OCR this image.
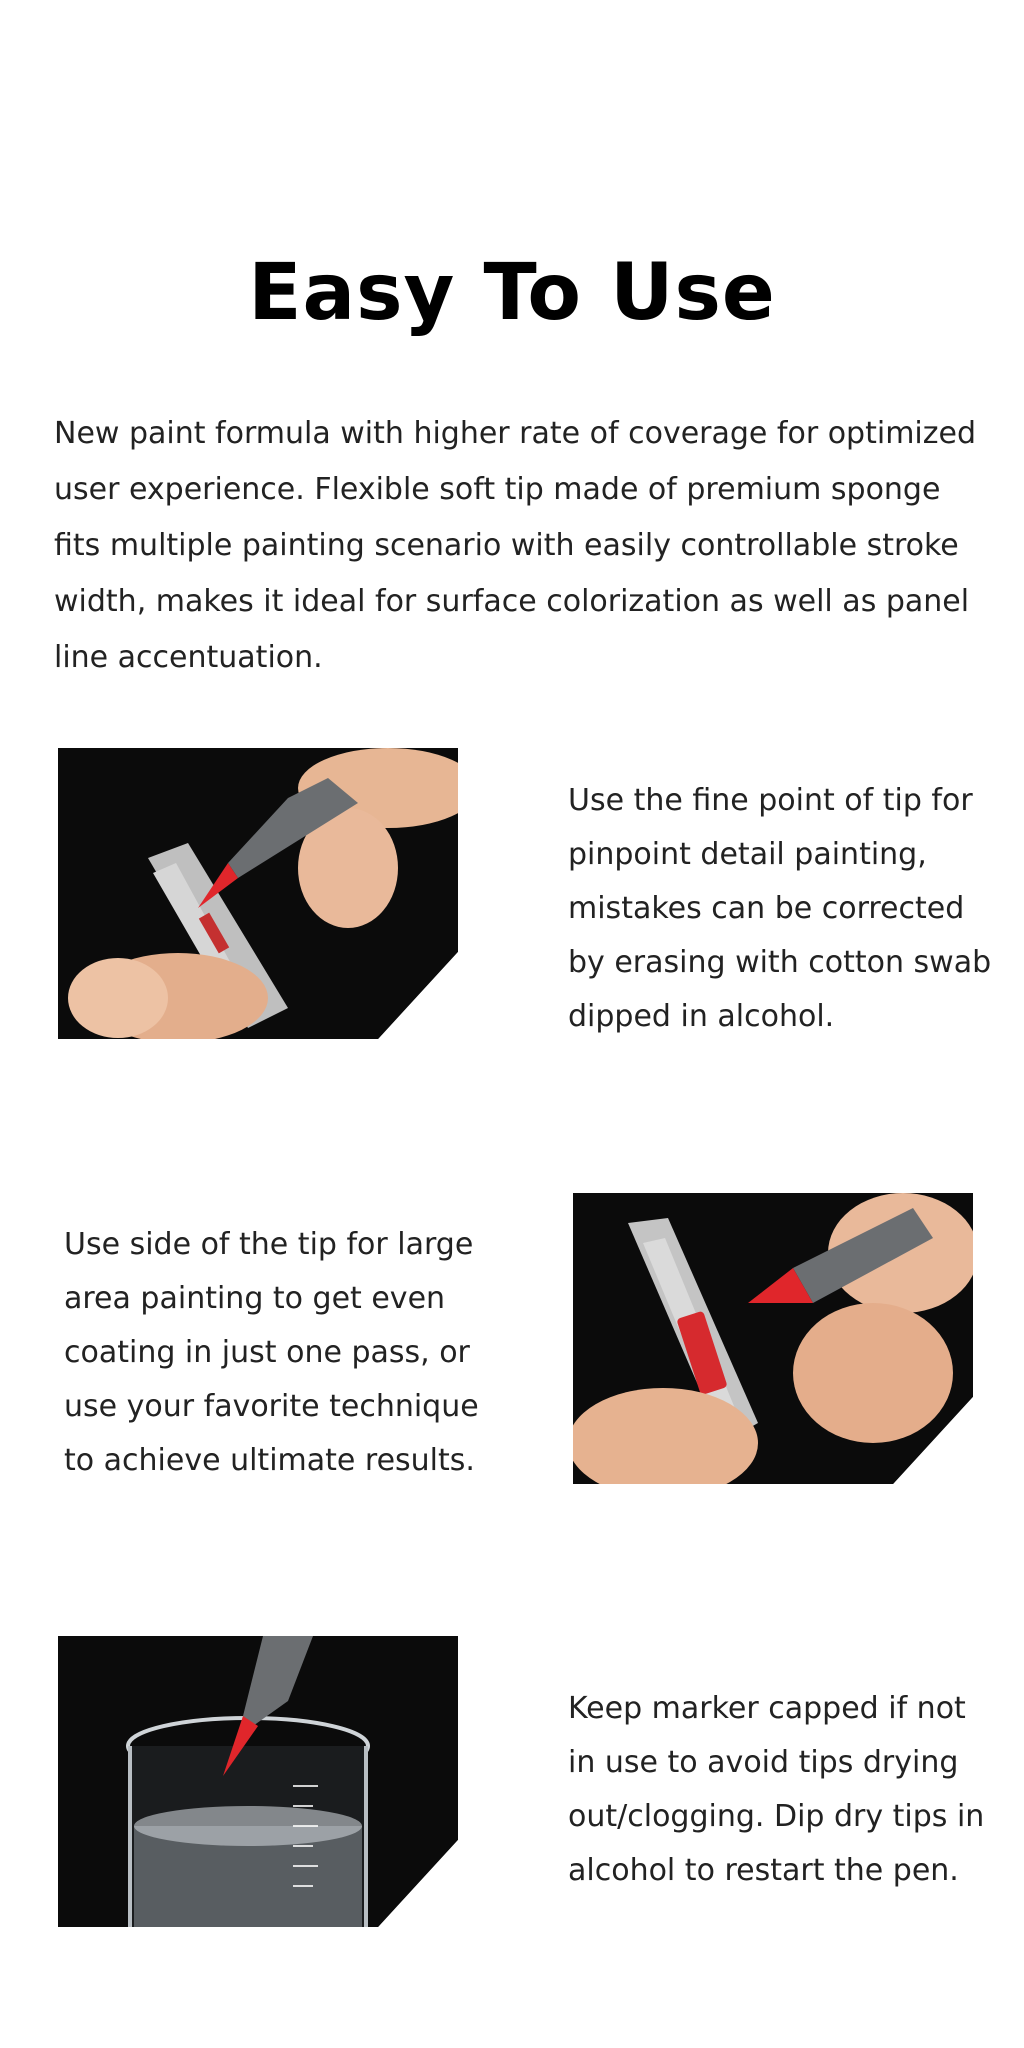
Easy To Use

New paint formula with higher rate of coverage for optimized user experience. Flexible soft tip made of premium sponge fits multiple painting scenario with easily controllable stroke width, makes it ideal for surface colorization as well as panel line accentuation.

Use the fine point of tip for pinpoint detail painting, mistakes can be corrected by erasing with cotton swab dipped in alcohol.

Use side of the tip for large area painting to get even coating in just one pass, or use your favorite technique to achieve ultimate results.

Keep marker capped if not in use to avoid tips drying out/clogging. Dip dry tips in alcohol to restart the pen.
